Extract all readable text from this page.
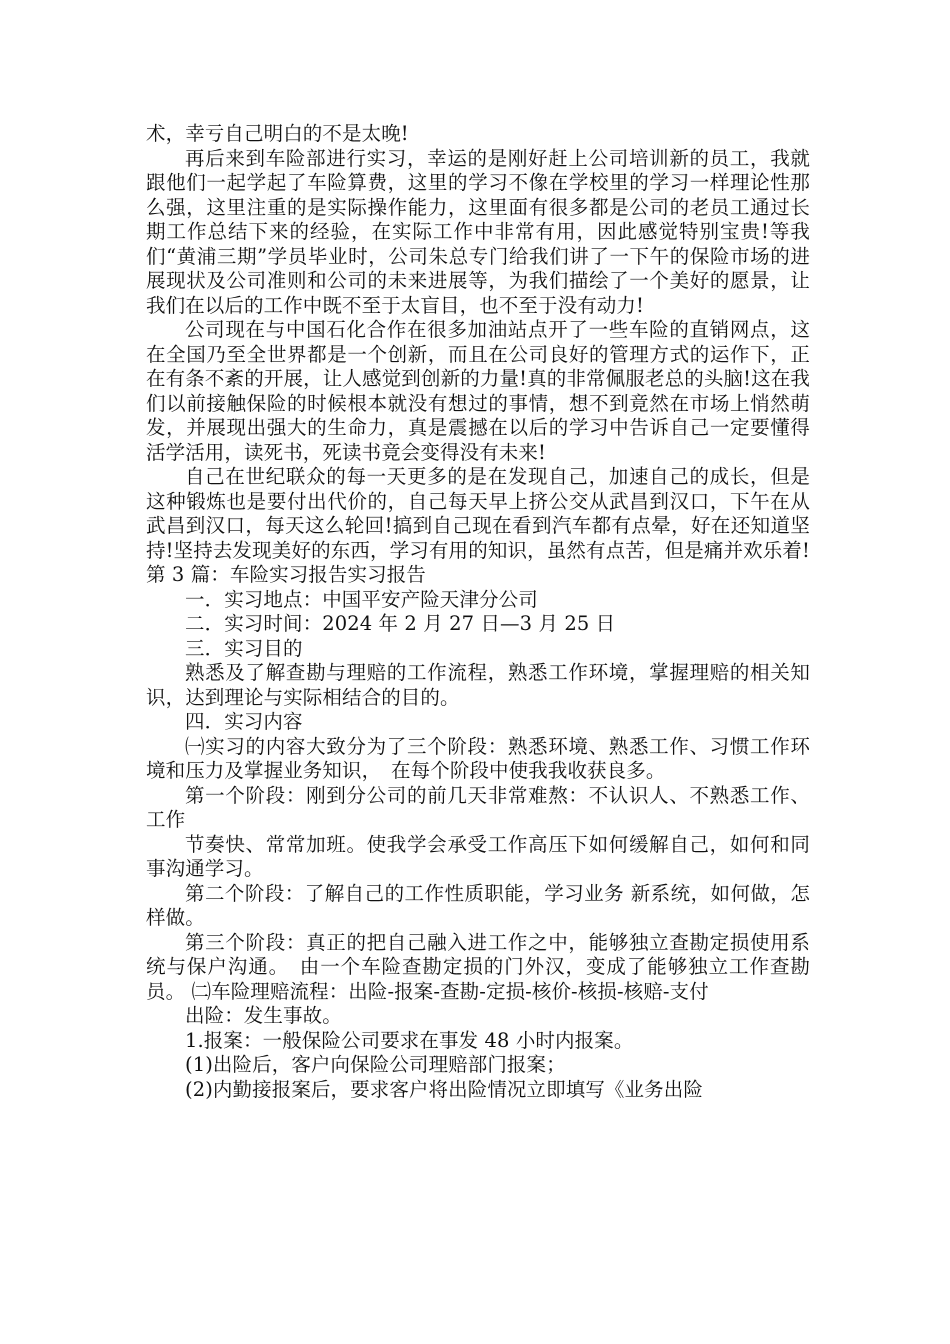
术，幸亏自己明白的不是太晚!

再后来到车险部进行实习，幸运的是刚好赶上公司培训新的员工，我就跟他们一起学起了车险算费，这里的学习不像在学校里的学习一样理论性那么强，这里注重的是实际操作能力，这里面有很多都是公司的老员工通过长期工作总结下来的经验，在实际工作中非常有用，因此感觉特别宝贵!等我们“黄浦三期”学员毕业时，公司朱总专门给我们讲了一下午的保险市场的进展现状及公司准则和公司的未来进展等，为我们描绘了一个美好的愿景，让我们在以后的工作中既不至于太盲目，也不至于没有动力!

公司现在与中国石化合作在很多加油站点开了一些车险的直销网点，这在全国乃至全世界都是一个创新，而且在公司良好的管理方式的运作下，正在有条不紊的开展，让人感觉到创新的力量!真的非常佩服老总的头脑!这在我们以前接触保险的时候根本就没有想过的事情，想不到竟然在市场上悄然萌发，并展现出强大的生命力，真是震撼在以后的学习中告诉自己一定要懂得活学活用，读死书，死读书竟会变得没有未来!

自己在世纪联众的每一天更多的是在发现自己，加速自己的成长，但是这种锻炼也是要付出代价的，自己每天早上挤公交从武昌到汉口，下午在从武昌到汉口，每天这么轮回!搞到自己现在看到汽车都有点晕，好在还知道坚持!坚持去发现美好的东西，学习有用的知识，虽然有点苦，但是痛并欢乐着!第 3 篇：车险实习报告实习报告

一．实习地点：中国平安产险天津分公司

二．实习时间：2024 年 2 月 27 日—3 月 25 日

三．实习目的

熟悉及了解查勘与理赔的工作流程，熟悉工作环境，掌握理赔的相关知识，达到理论与实际相结合的目的。

四．实习内容

㈠实习的内容大致分为了三个阶段：熟悉环境、熟悉工作、习惯工作环境和压力及掌握业务知识，　在每个阶段中使我我收获良多。

第一个阶段：刚到分公司的前几天非常难熬：不认识人、不熟悉工作、工作

节奏快、常常加班。使我学会承受工作高压下如何缓解自己，如何和同事沟通学习。

第二个阶段：了解自己的工作性质职能，学习业务 新系统，如何做，怎样做。

第三个阶段：真正的把自己融入进工作之中，能够独立查勘定损使用系统与保户沟通。　由一个车险查勘定损的门外汉，变成了能够独立工作查勘员。 ㈡车险理赔流程：出险-报案-查勘-定损-核价-核损-核赔-支付

出险：发生事故。

1.报案：一般保险公司要求在事发 48 小时内报案。

(1)出险后，客户向保险公司理赔部门报案；

(2)内勤接报案后，要求客户将出险情况立即填写《业务出险
